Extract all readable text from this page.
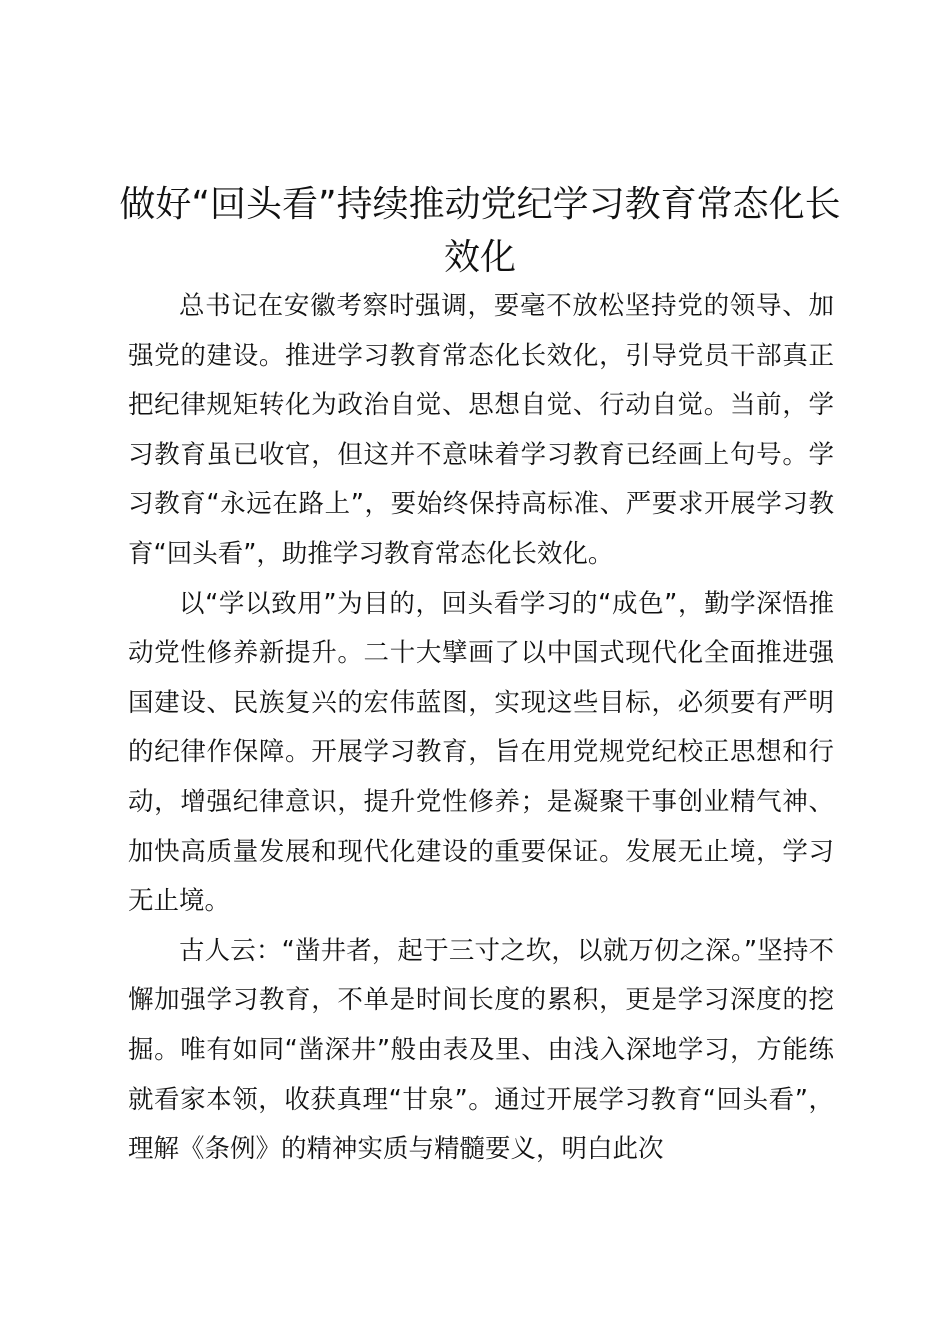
做好“回头看”持续推动党纪学习教育常态化长效化

总书记在安徽考察时强调，要毫不放松坚持党的领导、加强党的建设。推进学习教育常态化长效化，引导党员干部真正把纪律规矩转化为政治自觉、思想自觉、行动自觉。当前，学习教育虽已收官，但这并不意味着学习教育已经画上句号。学习教育“永远在路上”，要始终保持高标准、严要求开展学习教育“回头看”，助推学习教育常态化长效化。

以“学以致用”为目的，回头看学习的“成色”，勤学深悟推动党性修养新提升。二十大擘画了以中国式现代化全面推进强国建设、民族复兴的宏伟蓝图，实现这些目标，必须要有严明的纪律作保障。开展学习教育，旨在用党规党纪校正思想和行动，增强纪律意识，提升党性修养；是凝聚干事创业精气神、加快高质量发展和现代化建设的重要保证。发展无止境，学习无止境。

古人云：“凿井者，起于三寸之坎，以就万仞之深。”坚持不懈加强学习教育，不单是时间长度的累积，更是学习深度的挖掘。唯有如同“凿深井”般由表及里、由浅入深地学习，方能练就看家本领，收获真理“甘泉”。通过开展学习教育“回头看”，理解《条例》的精神实质与精髓要义，明白此次
